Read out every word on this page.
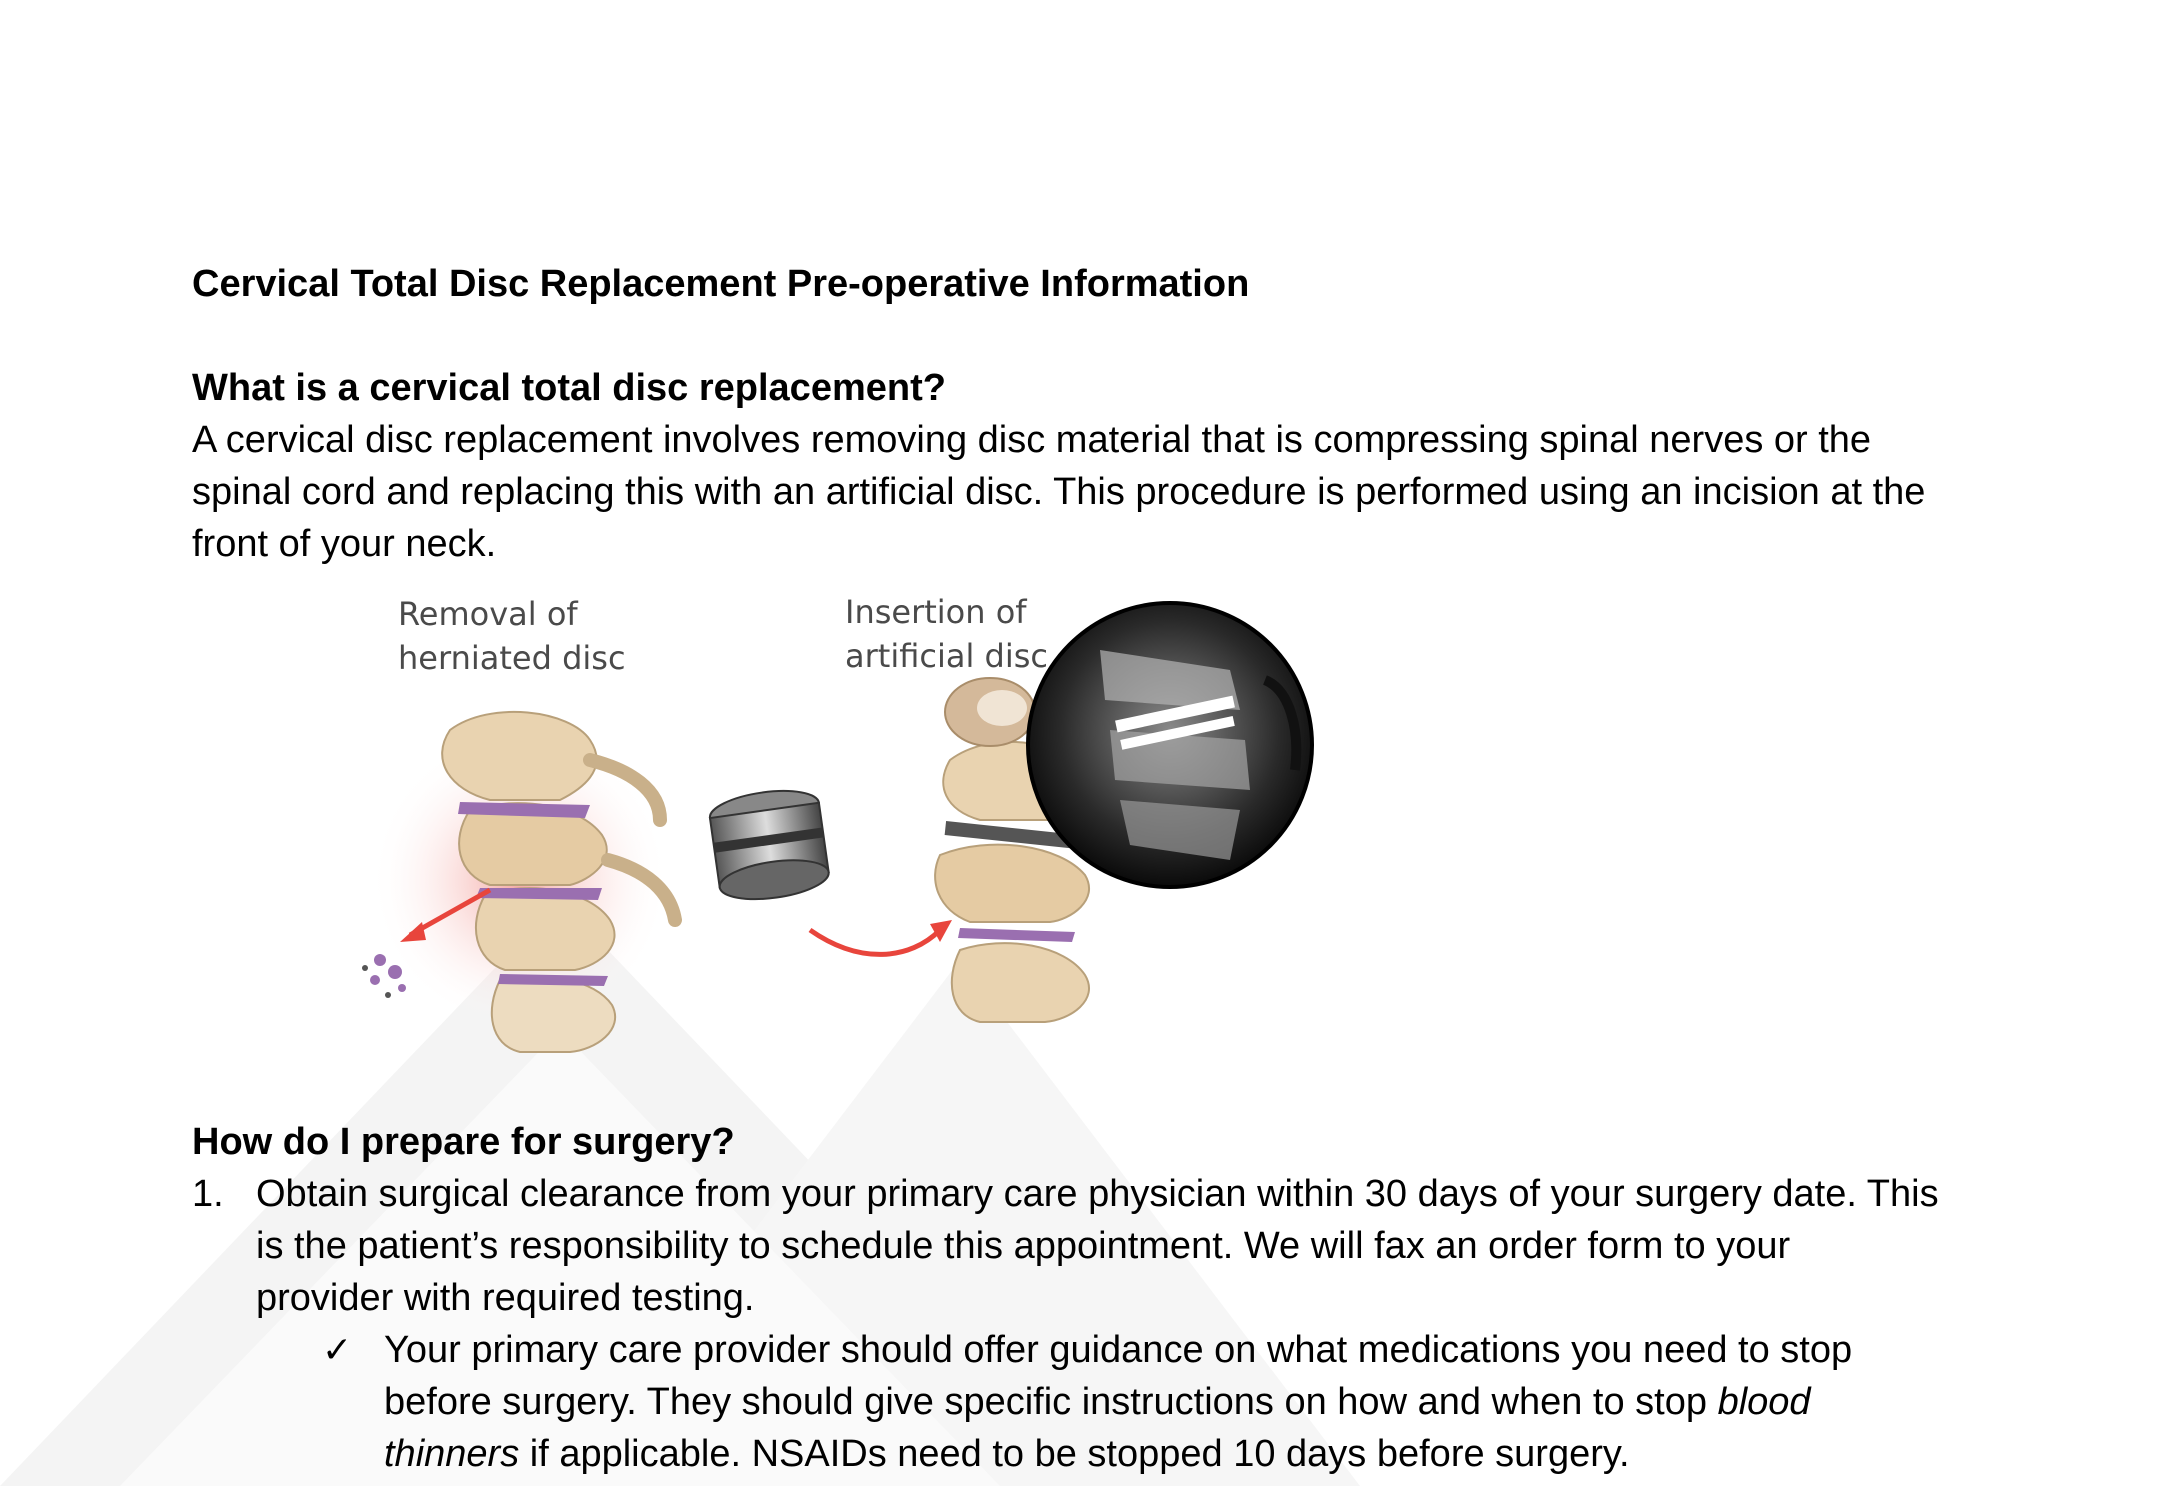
Cervical Total Disc Replacement Pre-operative Information

What is a cervical total disc replacement?

A cervical disc replacement involves removing disc material that is compressing spinal nerves or the

spinal cord and replacing this with an artificial disc. This procedure is performed using an incision at the

front of your neck.

Removal of
herniated disc
Insertion of
artificial disc

How do I prepare for surgery?

1. Obtain surgical clearance from your primary care physician within 30 days of your surgery date. This

is the patient’s responsibility to schedule this appointment. We will fax an order form to your

provider with required testing.

✓ Your primary care provider should offer guidance on what medications you need to stop

before surgery. They should give specific instructions on how and when to stop blood

thinners if applicable. NSAIDs need to be stopped 10 days before surgery.
